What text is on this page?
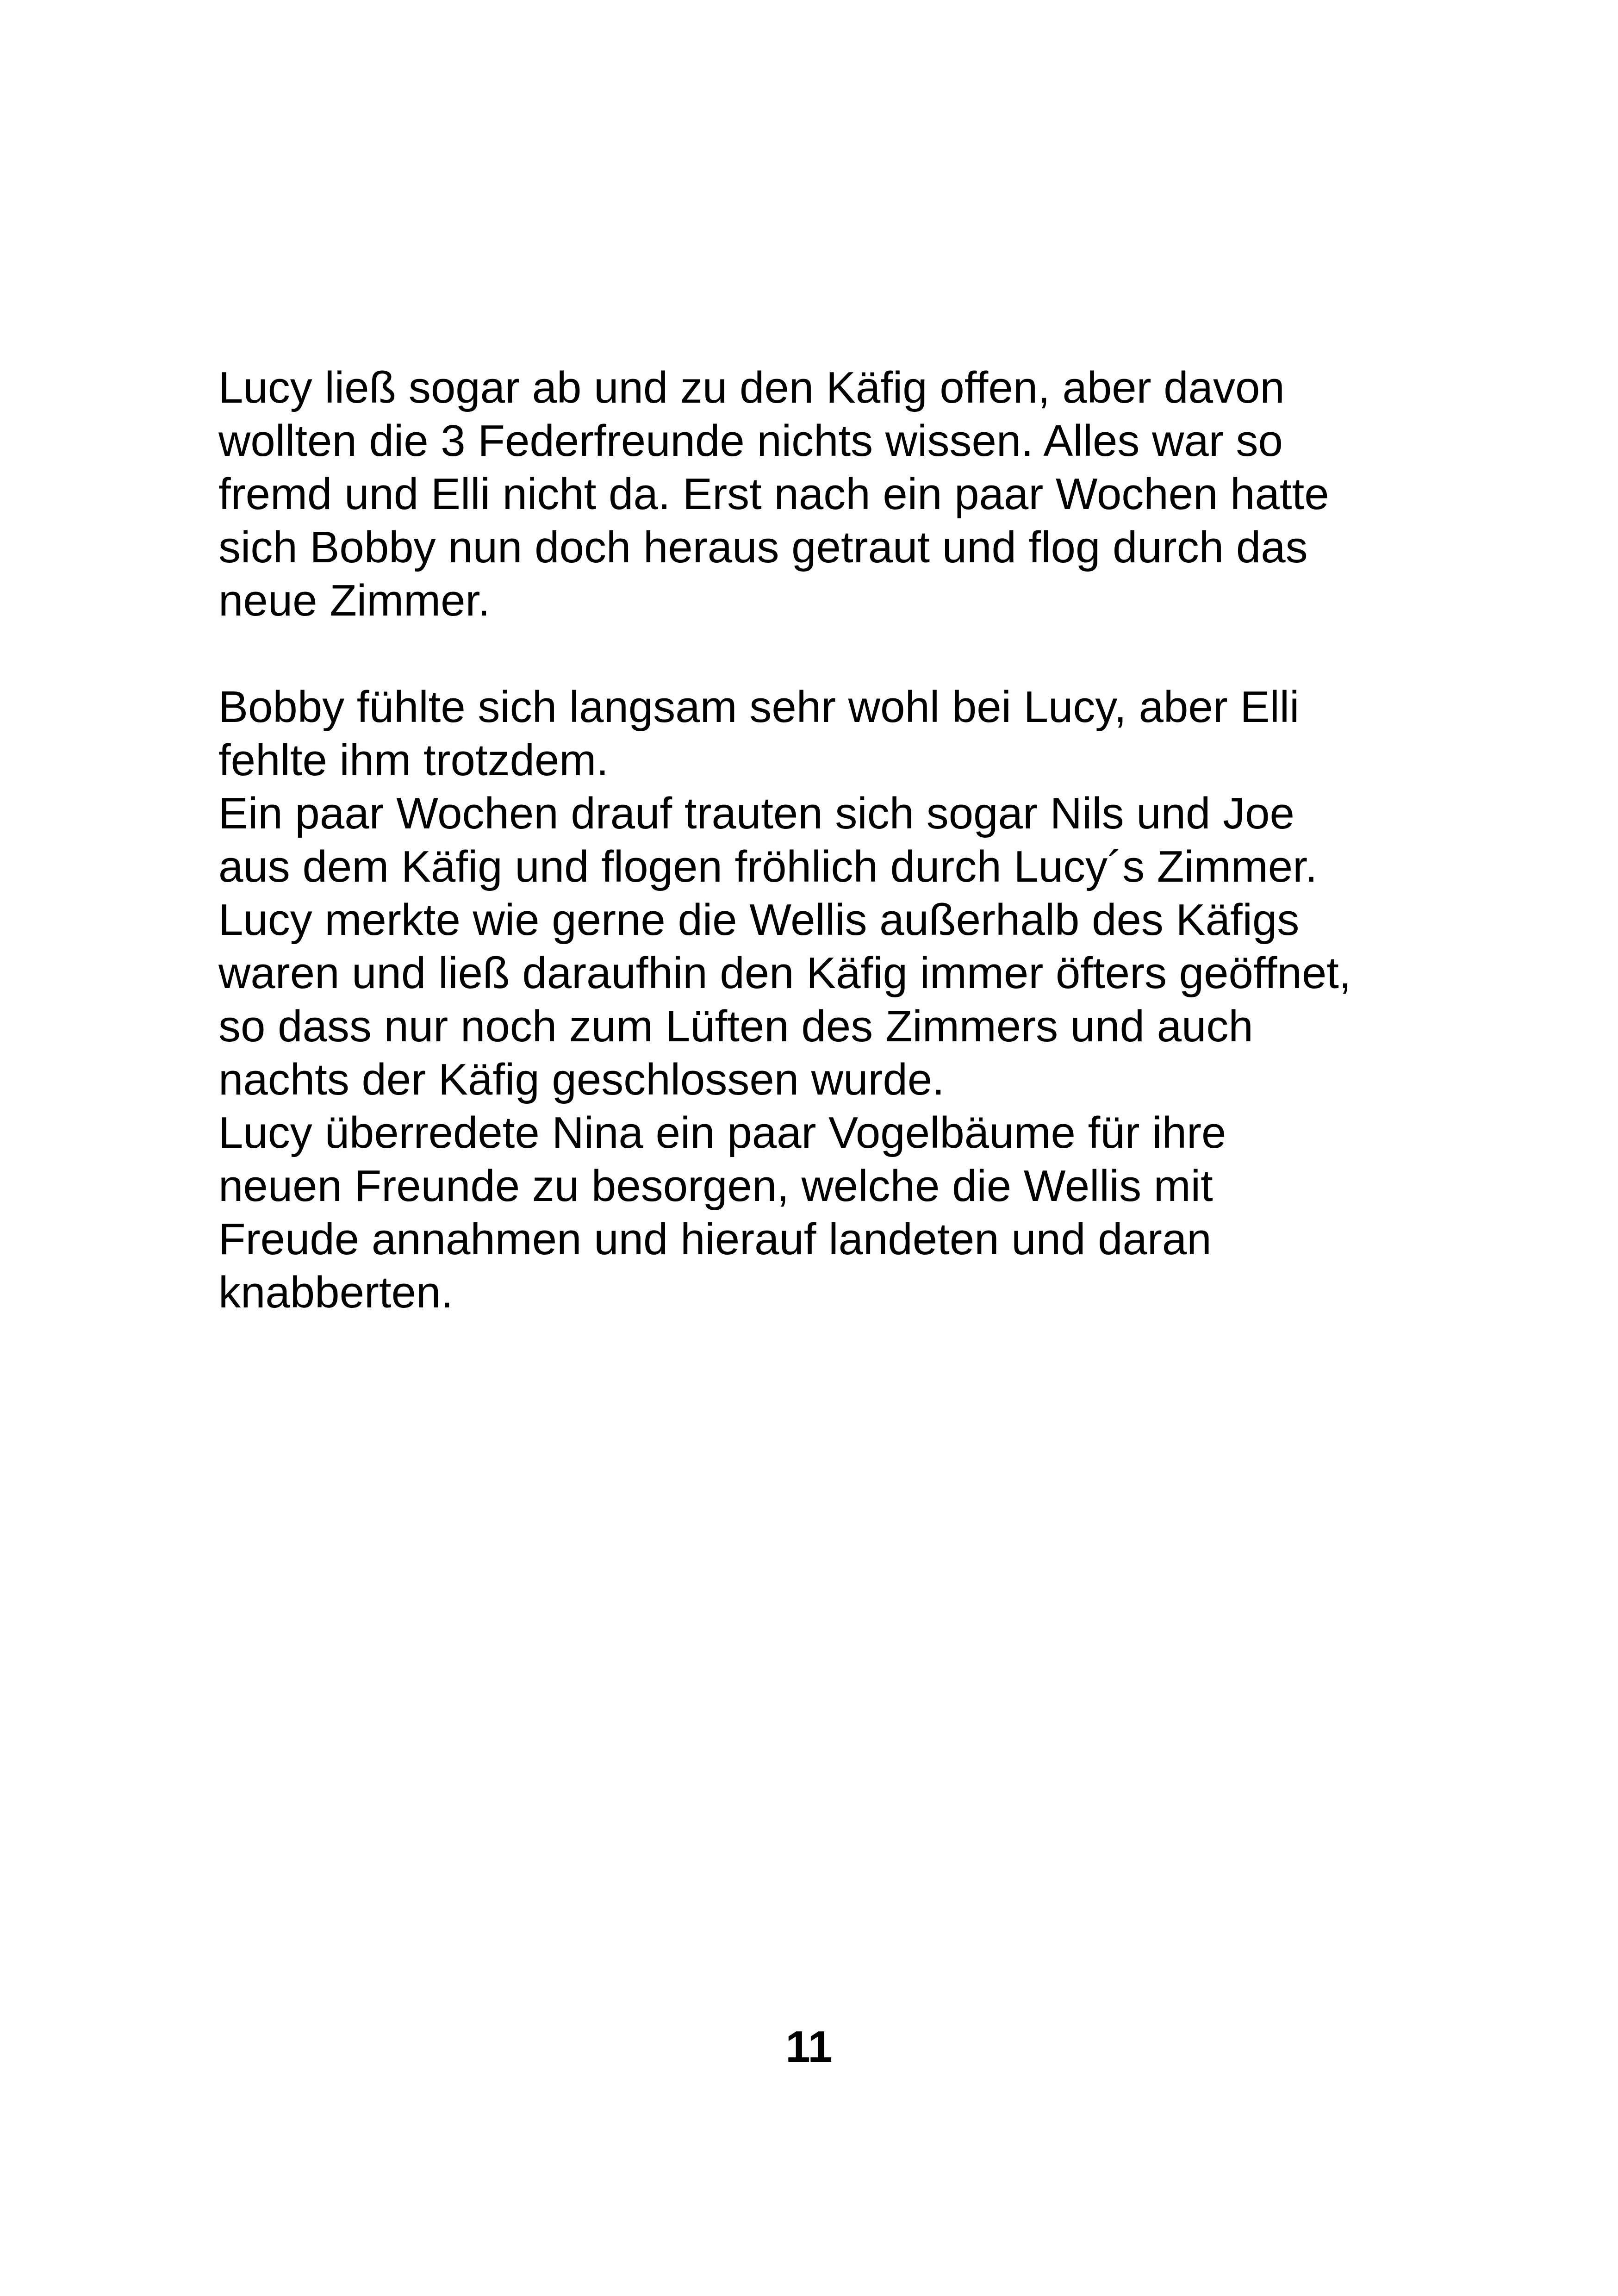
Lucy ließ sogar ab und zu den Käfig offen, aber davon
wollten die 3 Federfreunde nichts wissen. Alles war so
fremd und Elli nicht da. Erst nach ein paar Wochen hatte
sich Bobby nun doch heraus getraut und flog durch das
neue Zimmer.
Bobby fühlte sich langsam sehr wohl bei Lucy, aber Elli
fehlte ihm trotzdem.
Ein paar Wochen drauf trauten sich sogar Nils und Joe
aus dem Käfig und flogen fröhlich durch Lucy´s Zimmer.
Lucy merkte wie gerne die Wellis außerhalb des Käfigs
waren und ließ daraufhin den Käfig immer öfters geöffnet,
so dass nur noch zum Lüften des Zimmers und auch
nachts der Käfig geschlossen wurde.
Lucy überredete Nina ein paar Vogelbäume für ihre
neuen Freunde zu besorgen, welche die Wellis mit
Freude annahmen und hierauf landeten und daran
knabberten.
11
